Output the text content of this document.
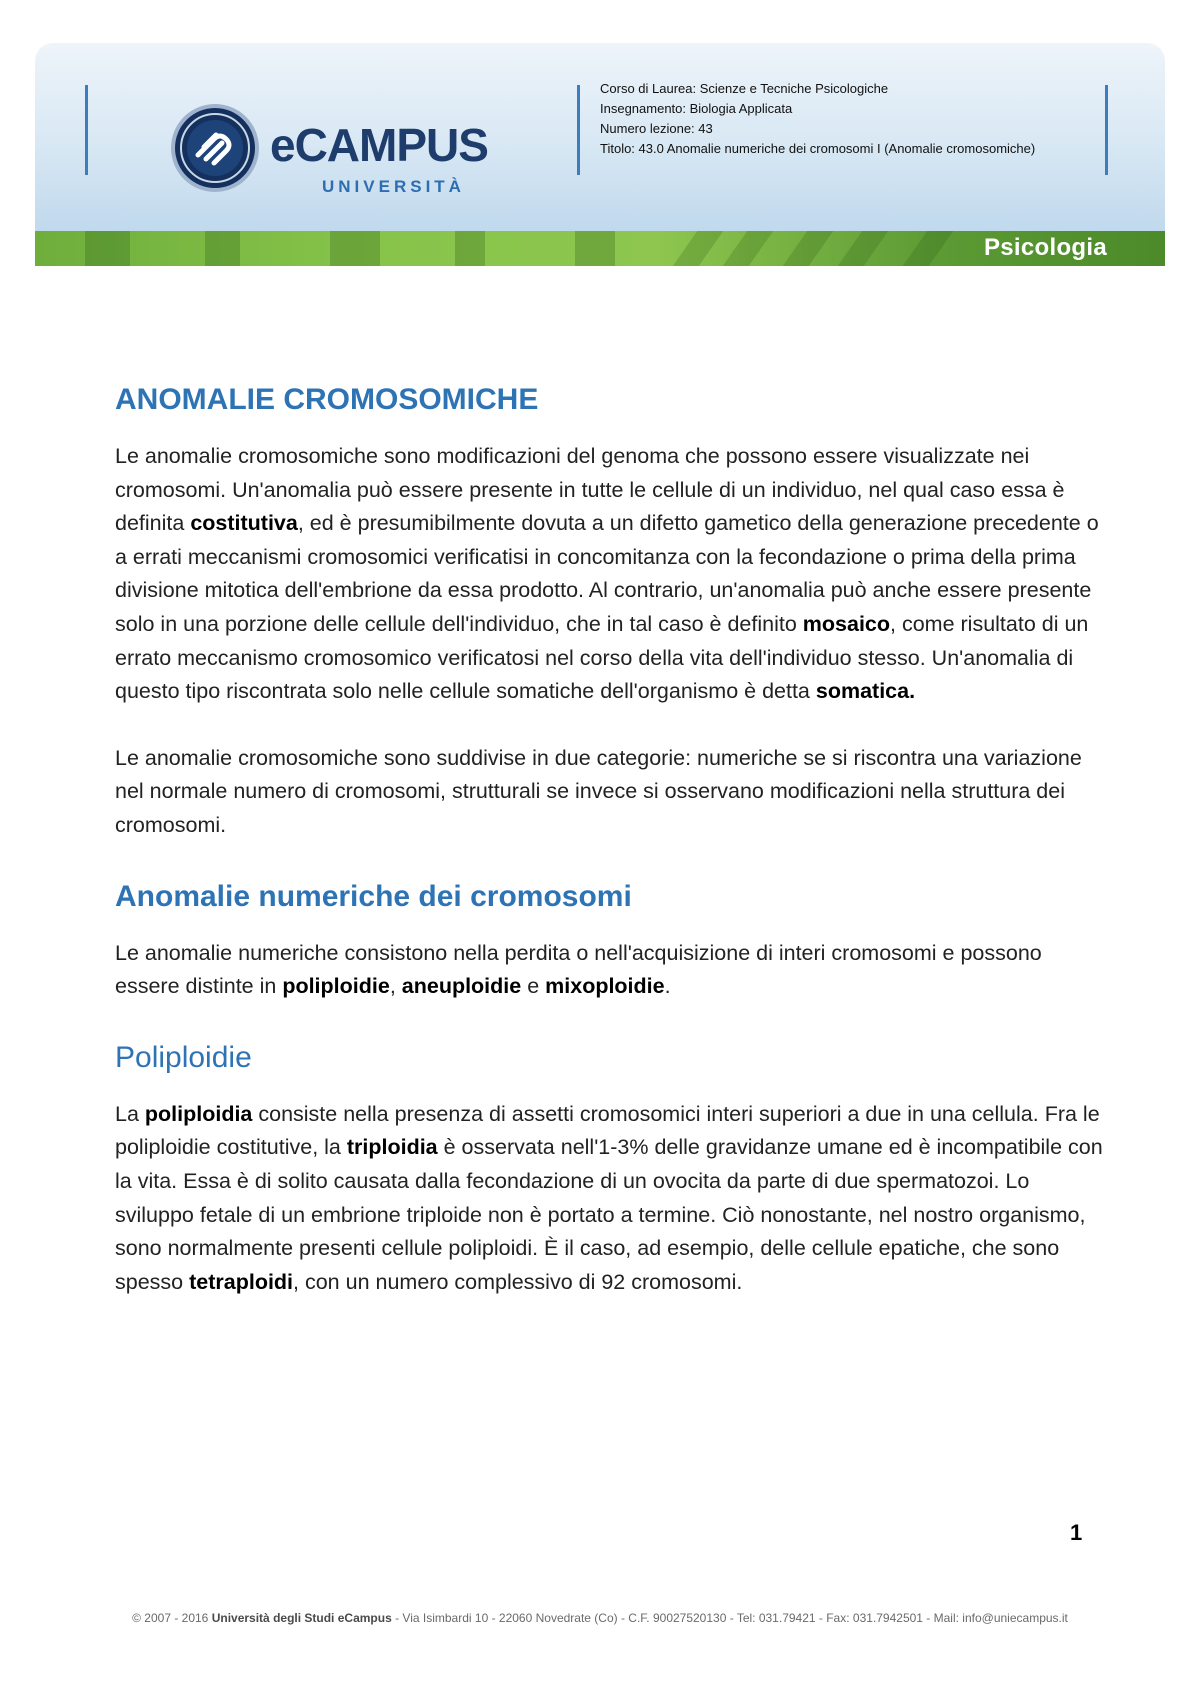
eCAMPUS
UNIVERSITÀ
Corso di Laurea: Scienze e Tecniche Psicologiche
Insegnamento: Biologia Applicata
Numero lezione: 43
Titolo: 43.0 Anomalie numeriche dei cromosomi I (Anomalie cromosomiche)
Psicologia
ANOMALIE CROMOSOMICHE

Le anomalie cromosomiche sono modificazioni del genoma che possono essere visualizzate nei cromosomi. Un'anomalia può essere presente in tutte le cellule di un individuo, nel qual caso essa è definita costitutiva, ed è presumibilmente dovuta a un difetto gametico della generazione precedente o a errati meccanismi cromosomici verificatisi in concomitanza con la fecondazione o prima della prima divisione mitotica dell'embrione da essa prodotto. Al contrario, un'anomalia può anche essere presente solo in una porzione delle cellule dell'individuo, che in tal caso è definito mosaico, come risultato di un errato meccanismo cromosomico verificatosi nel corso della vita dell'individuo stesso. Un'anomalia di questo tipo riscontrata solo nelle cellule somatiche dell'organismo è detta somatica.

Le anomalie cromosomiche sono suddivise in due categorie: numeriche se si riscontra una variazione nel normale numero di cromosomi, strutturali se invece si osservano modificazioni nella struttura dei cromosomi.

Anomalie numeriche dei cromosomi

Le anomalie numeriche consistono nella perdita o nell'acquisizione di interi cromosomi e possono essere distinte in poliploidie, aneuploidie e mixoploidie.

Poliploidie

La poliploidia consiste nella presenza di assetti cromosomici interi superiori a due in una cellula. Fra le poliploidie costitutive, la triploidia è osservata nell'1-3% delle gravidanze umane ed è incompatibile con la vita. Essa è di solito causata dalla fecondazione di un ovocita da parte di due spermatozoi. Lo sviluppo fetale di un embrione triploide non è portato a termine. Ciò nonostante, nel nostro organismo, sono normalmente presenti cellule poliploidi. È il caso, ad esempio, delle cellule epatiche, che sono spesso tetraploidi, con un numero complessivo di 92 cromosomi.

1
© 2007 - 2016 Università degli Studi eCampus - Via Isimbardi 10 - 22060 Novedrate (Co) - C.F. 90027520130 - Tel: 031.79421 - Fax: 031.7942501 - Mail: info@uniecampus.it
